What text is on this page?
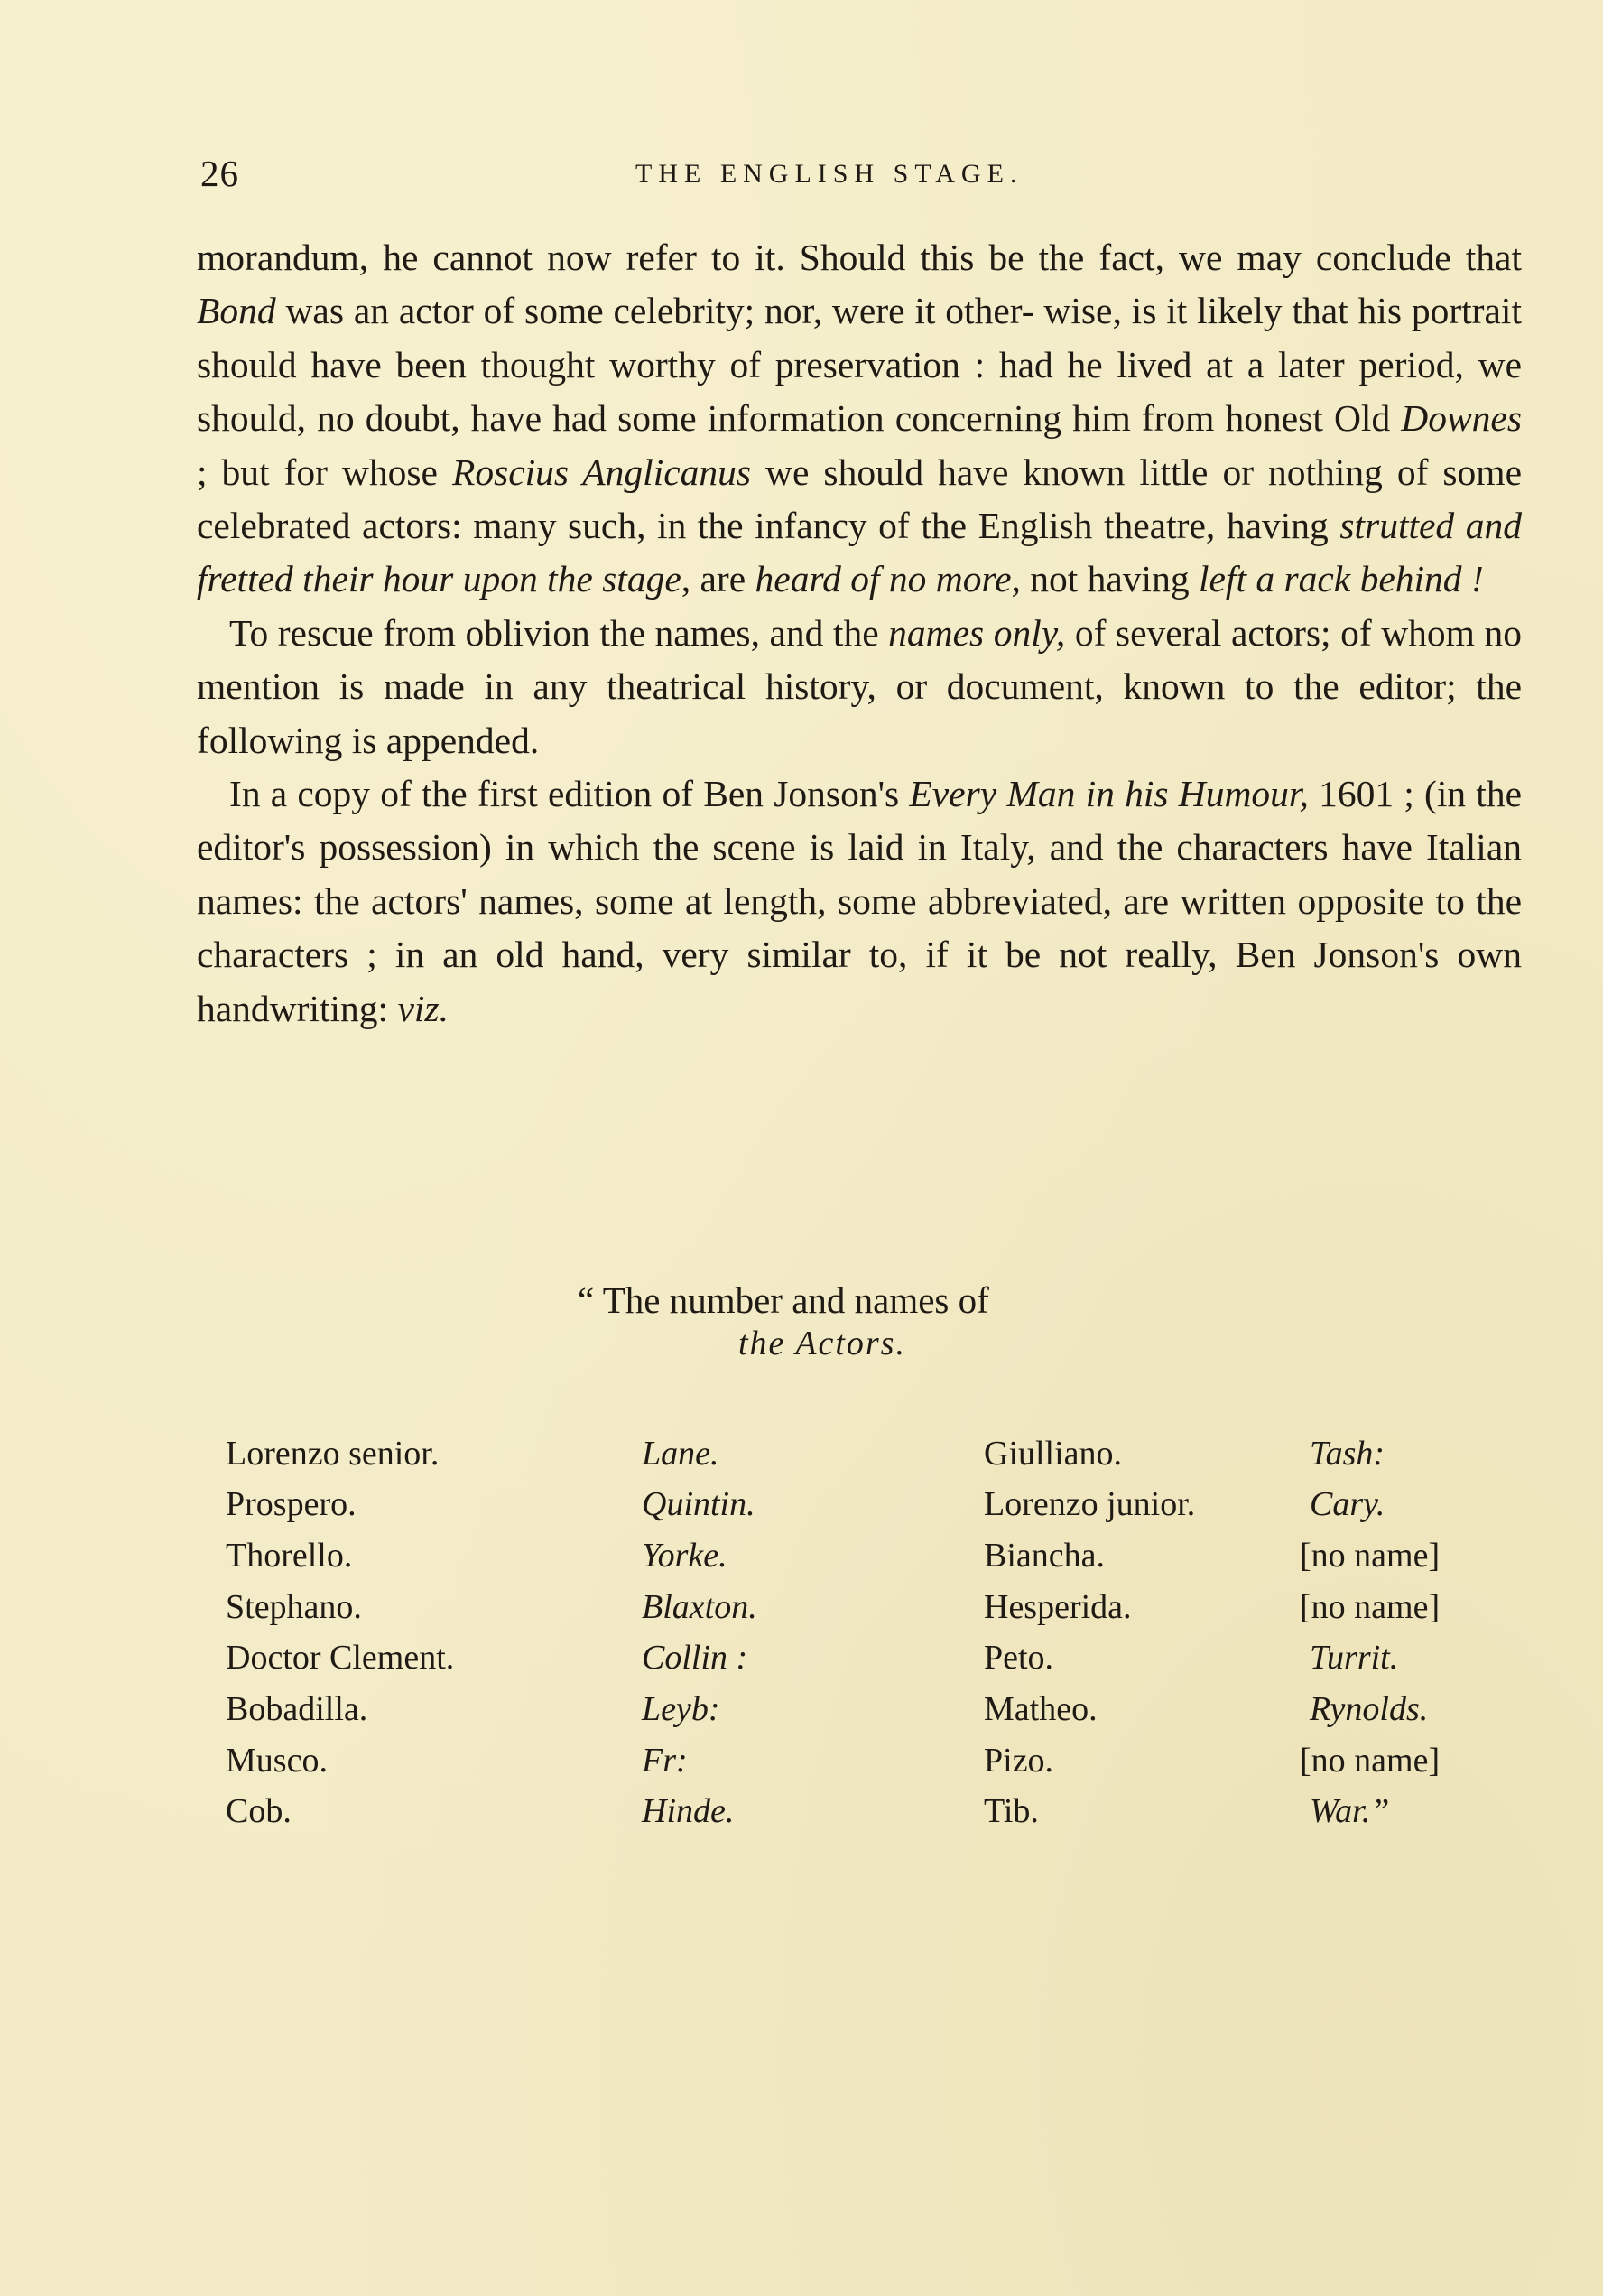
26	THE ENGLISH STAGE.

morandum, he cannot now refer to it. Should this be the fact, we may conclude that Bond was an actor of some celebrity; nor, were it other- wise, is it likely that his portrait should have been thought worthy of preservation : had he lived at a later period, we should, no doubt, have had some information concerning him from honest Old Downes ; but for whose Roscius Anglicanus we should have known little or nothing of some celebrated actors: many such, in the infancy of the English theatre, having strutted and fretted their hour upon the stage, are heard of no more, not having left a rack behind !

To rescue from oblivion the names, and the names only, of several actors; of whom no mention is made in any theatrical history, or document, known to the editor; the following is appended.

In a copy of the first edition of Ben Jonson's Every Man in his Humour, 1601 ; (in the editor's possession) in which the scene is laid in Italy, and the characters have Italian names: the actors' names, some at length, some abbreviated, are written opposite to the characters ; in an old hand, very similar to, if it be not really, Ben Jonson's own handwriting: viz.

“ The number and names of
the Actors.
Lorenzo senior.	Lane.	Giulliano.	Tash:
Prospero.	Quintin.	Lorenzo junior.	Cary.
Thorello.	Yorke.	Biancha.	[no name]
Stephano.	Blaxton.	Hesperida.	[no name]
Doctor Clement.	Collin :	Peto.	Turrit.
Bobadilla.	Leyb:	Matheo.	Rynolds.
Musco.	Fr:	Pizo.	[no name]
Cob.	Hinde.	Tib.	War.”
